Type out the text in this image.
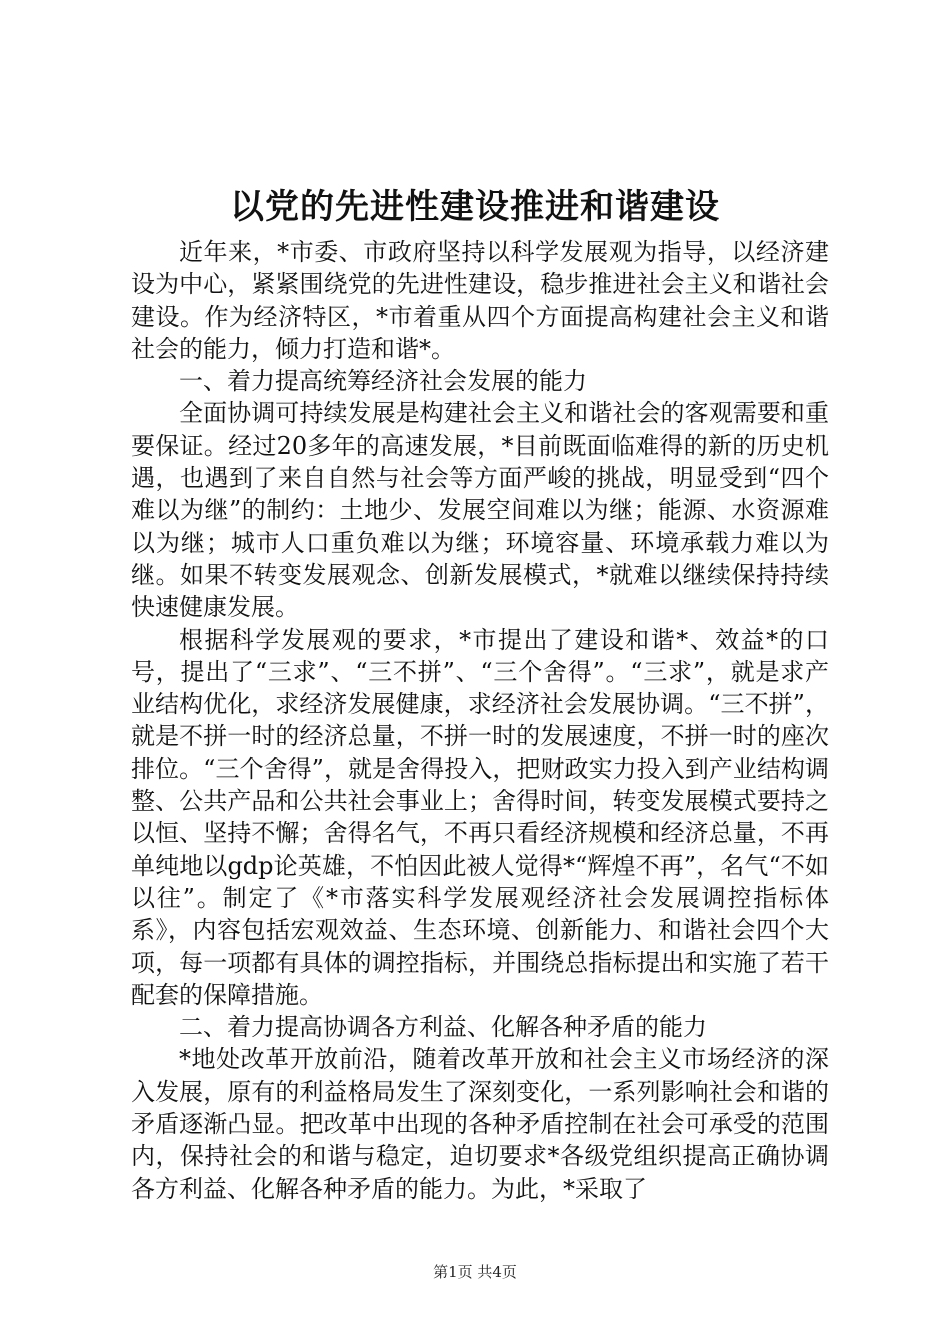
以党的先进性建设推进和谐建设

近年来，*市委、市政府坚持以科学发展观为指导，以经济建设为中心，紧紧围绕党的先进性建设，稳步推进社会主义和谐社会建设。作为经济特区，*市着重从四个方面提高构建社会主义和谐社会的能力，倾力打造和谐*。

一、着力提高统筹经济社会发展的能力

全面协调可持续发展是构建社会主义和谐社会的客观需要和重要保证。经过20多年的高速发展，*目前既面临难得的新的历史机遇，也遇到了来自自然与社会等方面严峻的挑战，明显受到“四个难以为继”的制约：土地少、发展空间难以为继；能源、水资源难以为继；城市人口重负难以为继；环境容量、环境承载力难以为继。如果不转变发展观念、创新发展模式，*就难以继续保持持续快速健康发展。

根据科学发展观的要求，*市提出了建设和谐*、效益*的口号，提出了“三求”、“三不拼”、“三个舍得”。“三求”，就是求产业结构优化，求经济发展健康，求经济社会发展协调。“三不拼”，就是不拼一时的经济总量，不拼一时的发展速度，不拼一时的座次排位。“三个舍得”，就是舍得投入，把财政实力投入到产业结构调整、公共产品和公共社会事业上；舍得时间，转变发展模式要持之以恒、坚持不懈；舍得名气，不再只看经济规模和经济总量，不再单纯地以gdp论英雄，不怕因此被人觉得*“辉煌不再”，名气“不如以往”。制定了《*市落实科学发展观经济社会发展调控指标体系》，内容包括宏观效益、生态环境、创新能力、和谐社会四个大项，每一项都有具体的调控指标，并围绕总指标提出和实施了若干配套的保障措施。

二、着力提高协调各方利益、化解各种矛盾的能力

*地处改革开放前沿，随着改革开放和社会主义市场经济的深入发展，原有的利益格局发生了深刻变化，一系列影响社会和谐的矛盾逐渐凸显。把改革中出现的各种矛盾控制在社会可承受的范围内，保持社会的和谐与稳定，迫切要求*各级党组织提高正确协调各方利益、化解各种矛盾的能力。为此，*采取了

第1页 共4页
